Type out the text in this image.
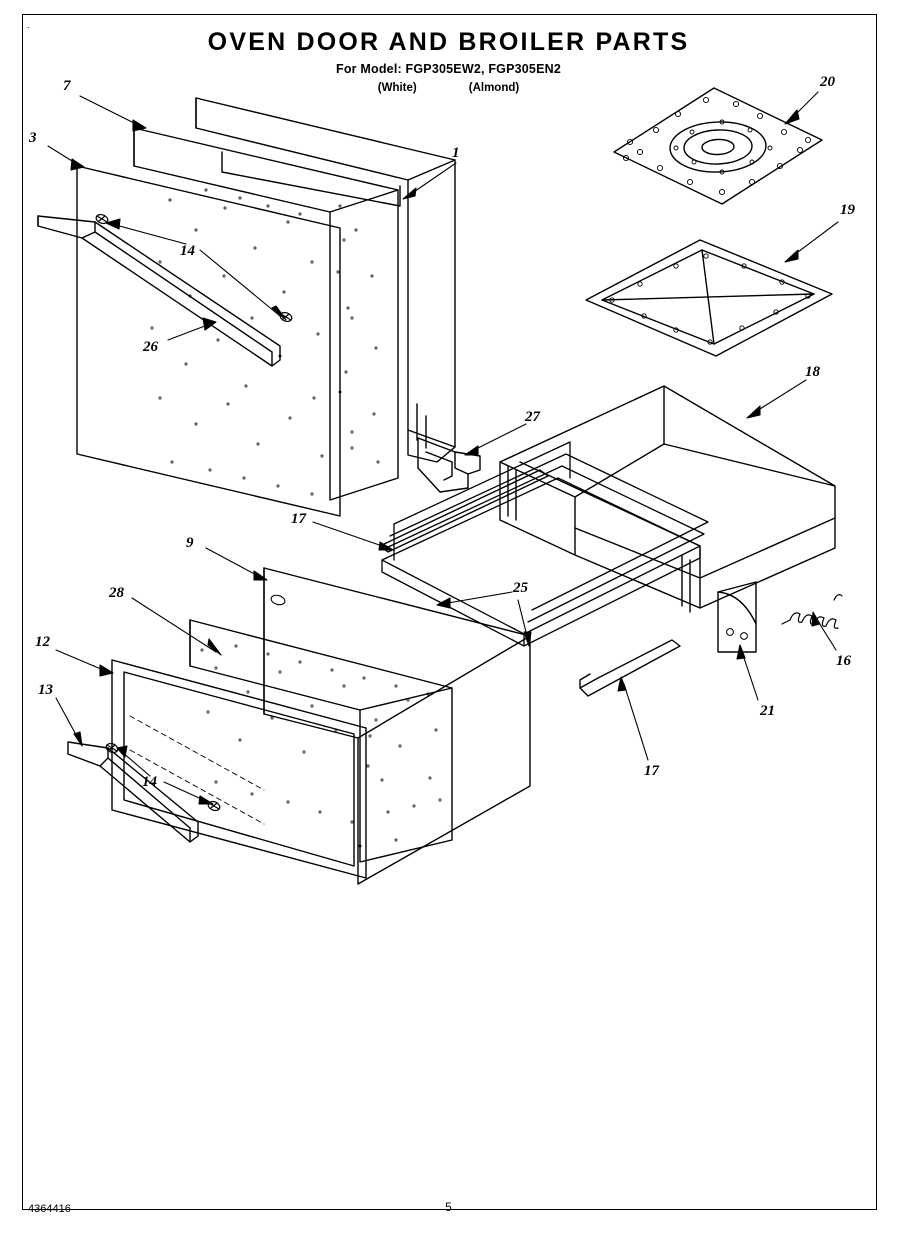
.
OVEN DOOR AND BROILER PARTS
For Model: FGP305EW2, FGP305EN2
(White)	(Almond)
7
3
1
20
19
14
26
18
27
17
9
25
28
16
12
13
21
17
14
4364416	5
